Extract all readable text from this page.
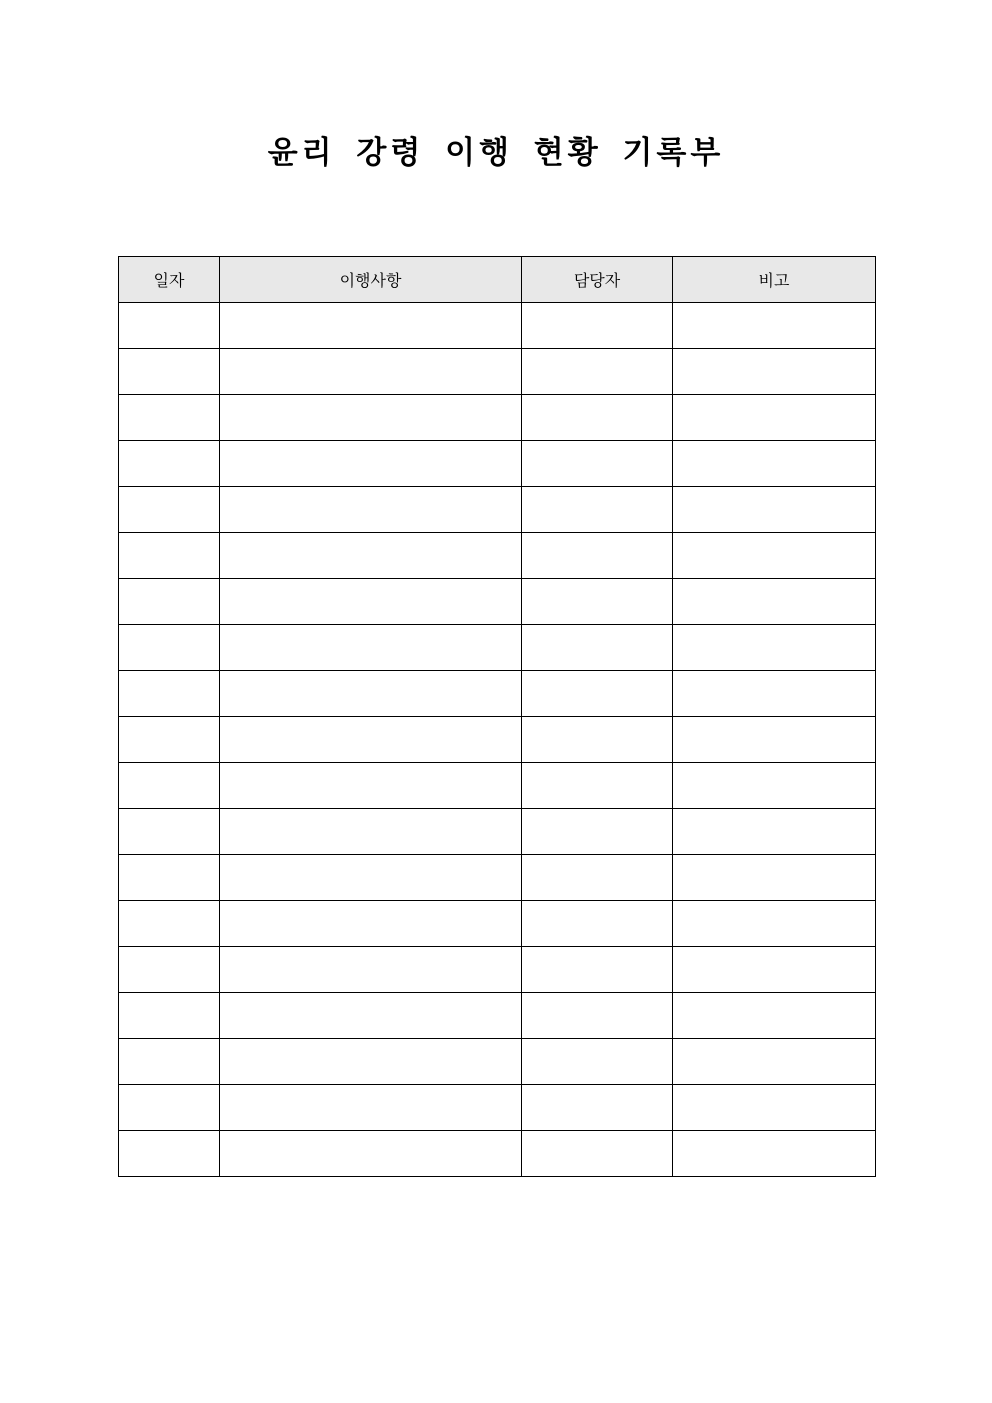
윤리 강령 이행 현황 기록부
일자	이행사항	담당자	비고
